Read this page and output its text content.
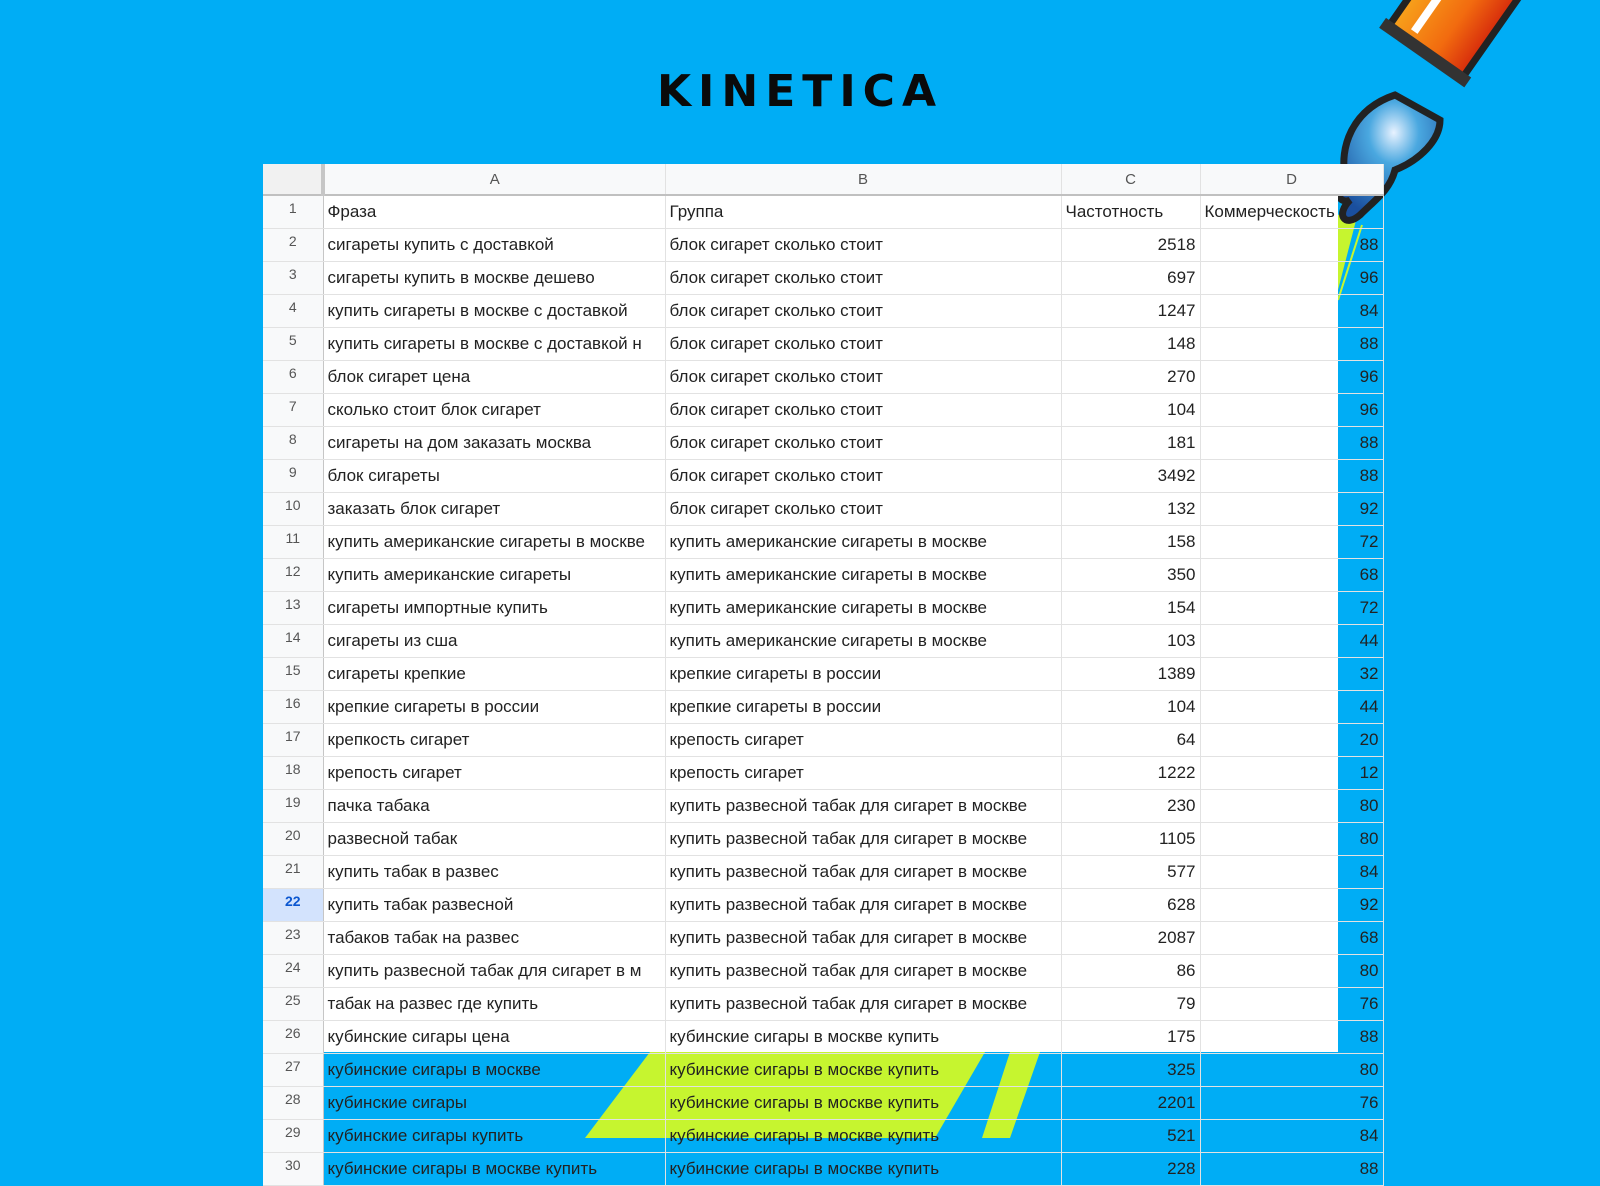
KINETICA
	A	B	C	D
1	Фраза	Группа	Частотность	Коммерческость
2	сигареты купить с доставкой	блок сигарет сколько стоит	2518	88
3	сигареты купить в москве дешево	блок сигарет сколько стоит	697	96
4	купить сигареты в москве с доставкой	блок сигарет сколько стоит	1247	84
5	купить сигареты в москве с доставкой н	блок сигарет сколько стоит	148	88
6	блок сигарет цена	блок сигарет сколько стоит	270	96
7	сколько стоит блок сигарет	блок сигарет сколько стоит	104	96
8	сигареты на дом заказать москва	блок сигарет сколько стоит	181	88
9	блок сигареты	блок сигарет сколько стоит	3492	88
10	заказать блок сигарет	блок сигарет сколько стоит	132	92
11	купить американские сигареты в москве	купить американские сигареты в москве	158	72
12	купить американские сигареты	купить американские сигареты в москве	350	68
13	сигареты импортные купить	купить американские сигареты в москве	154	72
14	сигареты из сша	купить американские сигареты в москве	103	44
15	сигареты крепкие	крепкие сигареты в россии	1389	32
16	крепкие сигареты в россии	крепкие сигареты в россии	104	44
17	крепкость сигарет	крепость сигарет	64	20
18	крепость сигарет	крепость сигарет	1222	12
19	пачка табака	купить развесной табак для сигарет в москве	230	80
20	развесной табак	купить развесной табак для сигарет в москве	1105	80
21	купить табак в развес	купить развесной табак для сигарет в москве	577	84
22	купить табак развесной	купить развесной табак для сигарет в москве	628	92
23	табаков табак на развес	купить развесной табак для сигарет в москве	2087	68
24	купить развесной табак для сигарет в м	купить развесной табак для сигарет в москве	86	80
25	табак на развес где купить	купить развесной табак для сигарет в москве	79	76
26	кубинские сигары цена	кубинские сигары в москве купить	175	88
27	кубинские сигары в москве	кубинские сигары в москве купить	325	80
28	кубинские сигары	кубинские сигары в москве купить	2201	76
29	кубинские сигары купить	кубинские сигары в москве купить	521	84
30	кубинские сигары в москве купить	кубинские сигары в москве купить	228	88
